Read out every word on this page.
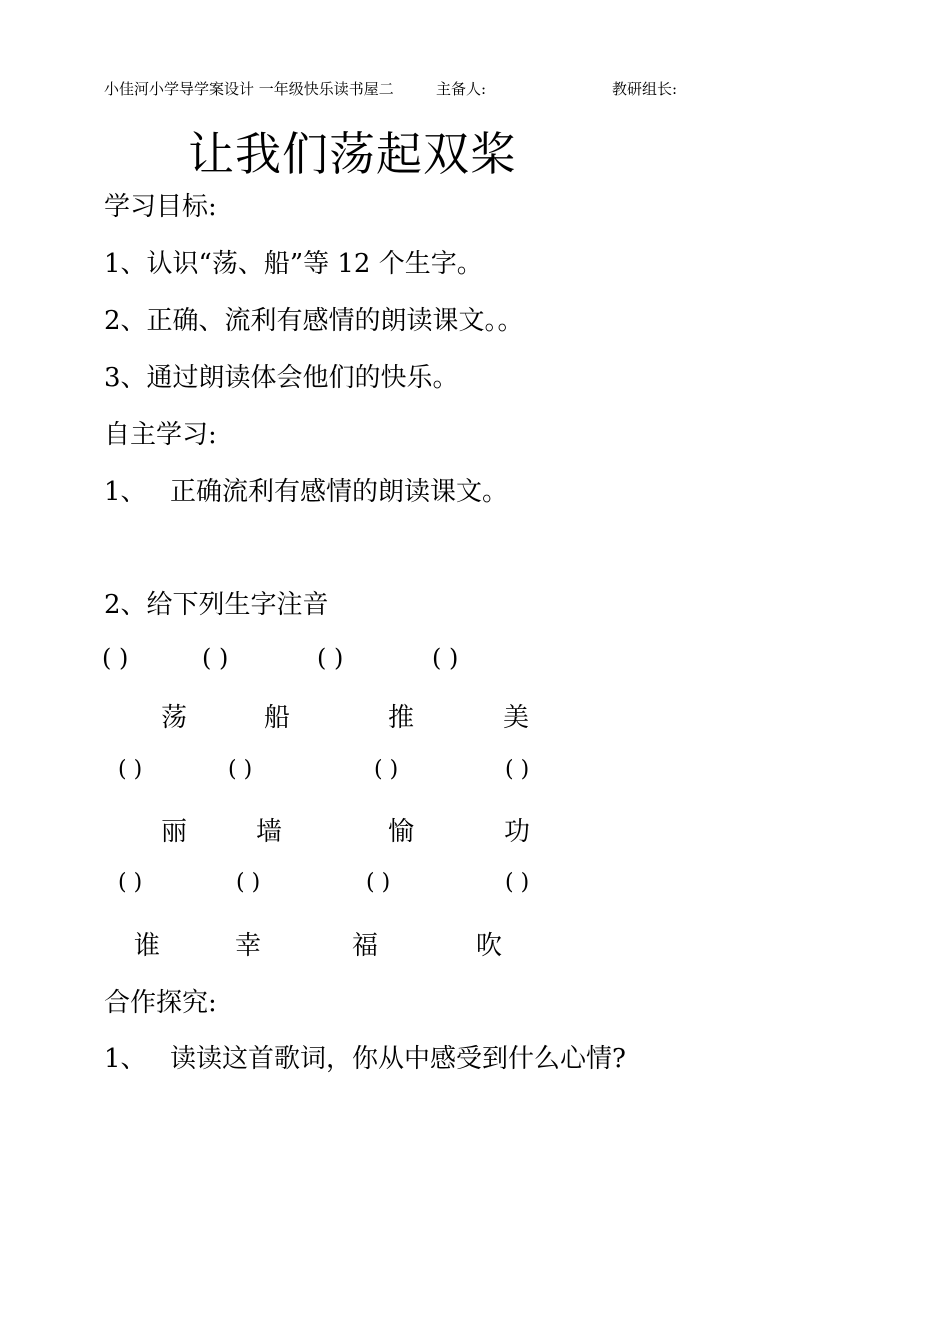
小佳河小学导学案设计 一年级快乐读书屋二	主备人:	教研组长:
让我们荡起双桨
学习目标:
1、认识“荡、船”等 12 个生字。
2、正确、流利有感情的朗读课文。。
3、通过朗读体会他们的快乐。
自主学习:
1、 正确流利有感情的朗读课文。
2、给下列生字注音
( )	( )	( )	( )
荡	船	推	美
( )	( )	( )	( )
丽	墙	愉	功
( )	( )	( )	( )
谁	幸	福	吹
合作探究:
1、 读读这首歌词，你从中感受到什么心情?
